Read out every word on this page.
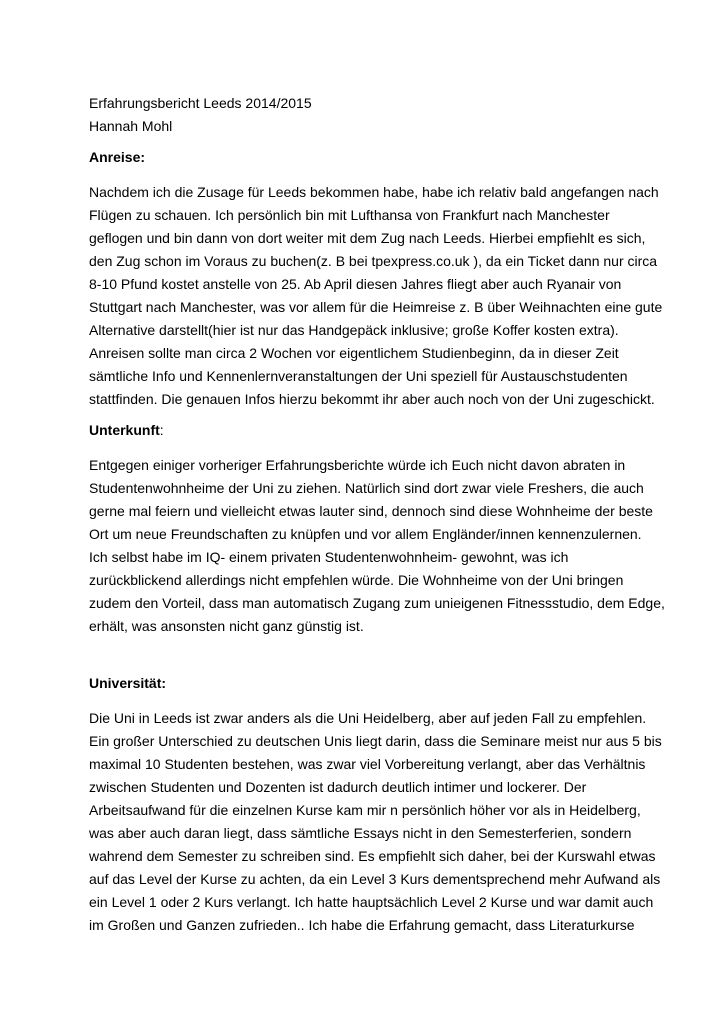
Erfahrungsbericht Leeds 2014/2015

Hannah Mohl

Anreise:

Nachdem ich die Zusage für Leeds bekommen habe, habe ich relativ bald angefangen nach

Flügen zu schauen. Ich persönlich bin mit Lufthansa von Frankfurt nach Manchester

geflogen und bin dann von dort weiter mit dem Zug nach Leeds. Hierbei empfiehlt es sich,

den Zug schon im Voraus zu buchen(z. B bei tpexpress.co.uk ), da ein Ticket dann nur circa

8-10 Pfund kostet anstelle von 25. Ab April diesen Jahres fliegt aber auch Ryanair von

Stuttgart nach Manchester, was vor allem für die Heimreise z. B über Weihnachten eine gute

Alternative darstellt(hier ist nur das Handgepäck inklusive; große Koffer kosten extra).

Anreisen sollte man circa 2 Wochen vor eigentlichem Studienbeginn, da in dieser Zeit

sämtliche Info und Kennenlernveranstaltungen der Uni speziell für Austauschstudenten

stattfinden. Die genauen Infos hierzu bekommt ihr aber auch noch von der Uni zugeschickt.

Unterkunft:

Entgegen einiger vorheriger Erfahrungsberichte würde ich Euch nicht davon abraten in

Studentenwohnheime der Uni zu ziehen. Natürlich sind dort zwar viele Freshers, die auch

gerne mal feiern und vielleicht etwas lauter sind, dennoch sind diese Wohnheime der beste

Ort um neue Freundschaften zu knüpfen und vor allem Engländer/innen kennenzulernen.

Ich selbst habe im IQ- einem privaten Studentenwohnheim- gewohnt, was ich

zurückblickend allerdings nicht empfehlen würde. Die Wohnheime von der Uni bringen

zudem den Vorteil, dass man automatisch Zugang zum unieigenen Fitnessstudio, dem Edge,

erhält, was ansonsten nicht ganz günstig ist.

Universität:

Die Uni in Leeds ist zwar anders als die Uni Heidelberg, aber auf jeden Fall zu empfehlen.

Ein großer Unterschied zu deutschen Unis liegt darin, dass die Seminare meist nur aus 5 bis

maximal 10 Studenten bestehen, was zwar viel Vorbereitung verlangt, aber das Verhältnis

zwischen Studenten und Dozenten ist dadurch deutlich intimer und lockerer. Der

Arbeitsaufwand für die einzelnen Kurse kam mir n persönlich höher vor als in Heidelberg,

was aber auch daran liegt, dass sämtliche Essays nicht in den Semesterferien, sondern

wahrend dem Semester zu schreiben sind. Es empfiehlt sich daher, bei der Kurswahl etwas

auf das Level der Kurse zu achten, da ein Level 3 Kurs dementsprechend mehr Aufwand als

ein Level 1 oder 2 Kurs verlangt. Ich hatte hauptsächlich Level 2 Kurse und war damit auch

im Großen und Ganzen zufrieden.. Ich habe die Erfahrung gemacht, dass Literaturkurse
